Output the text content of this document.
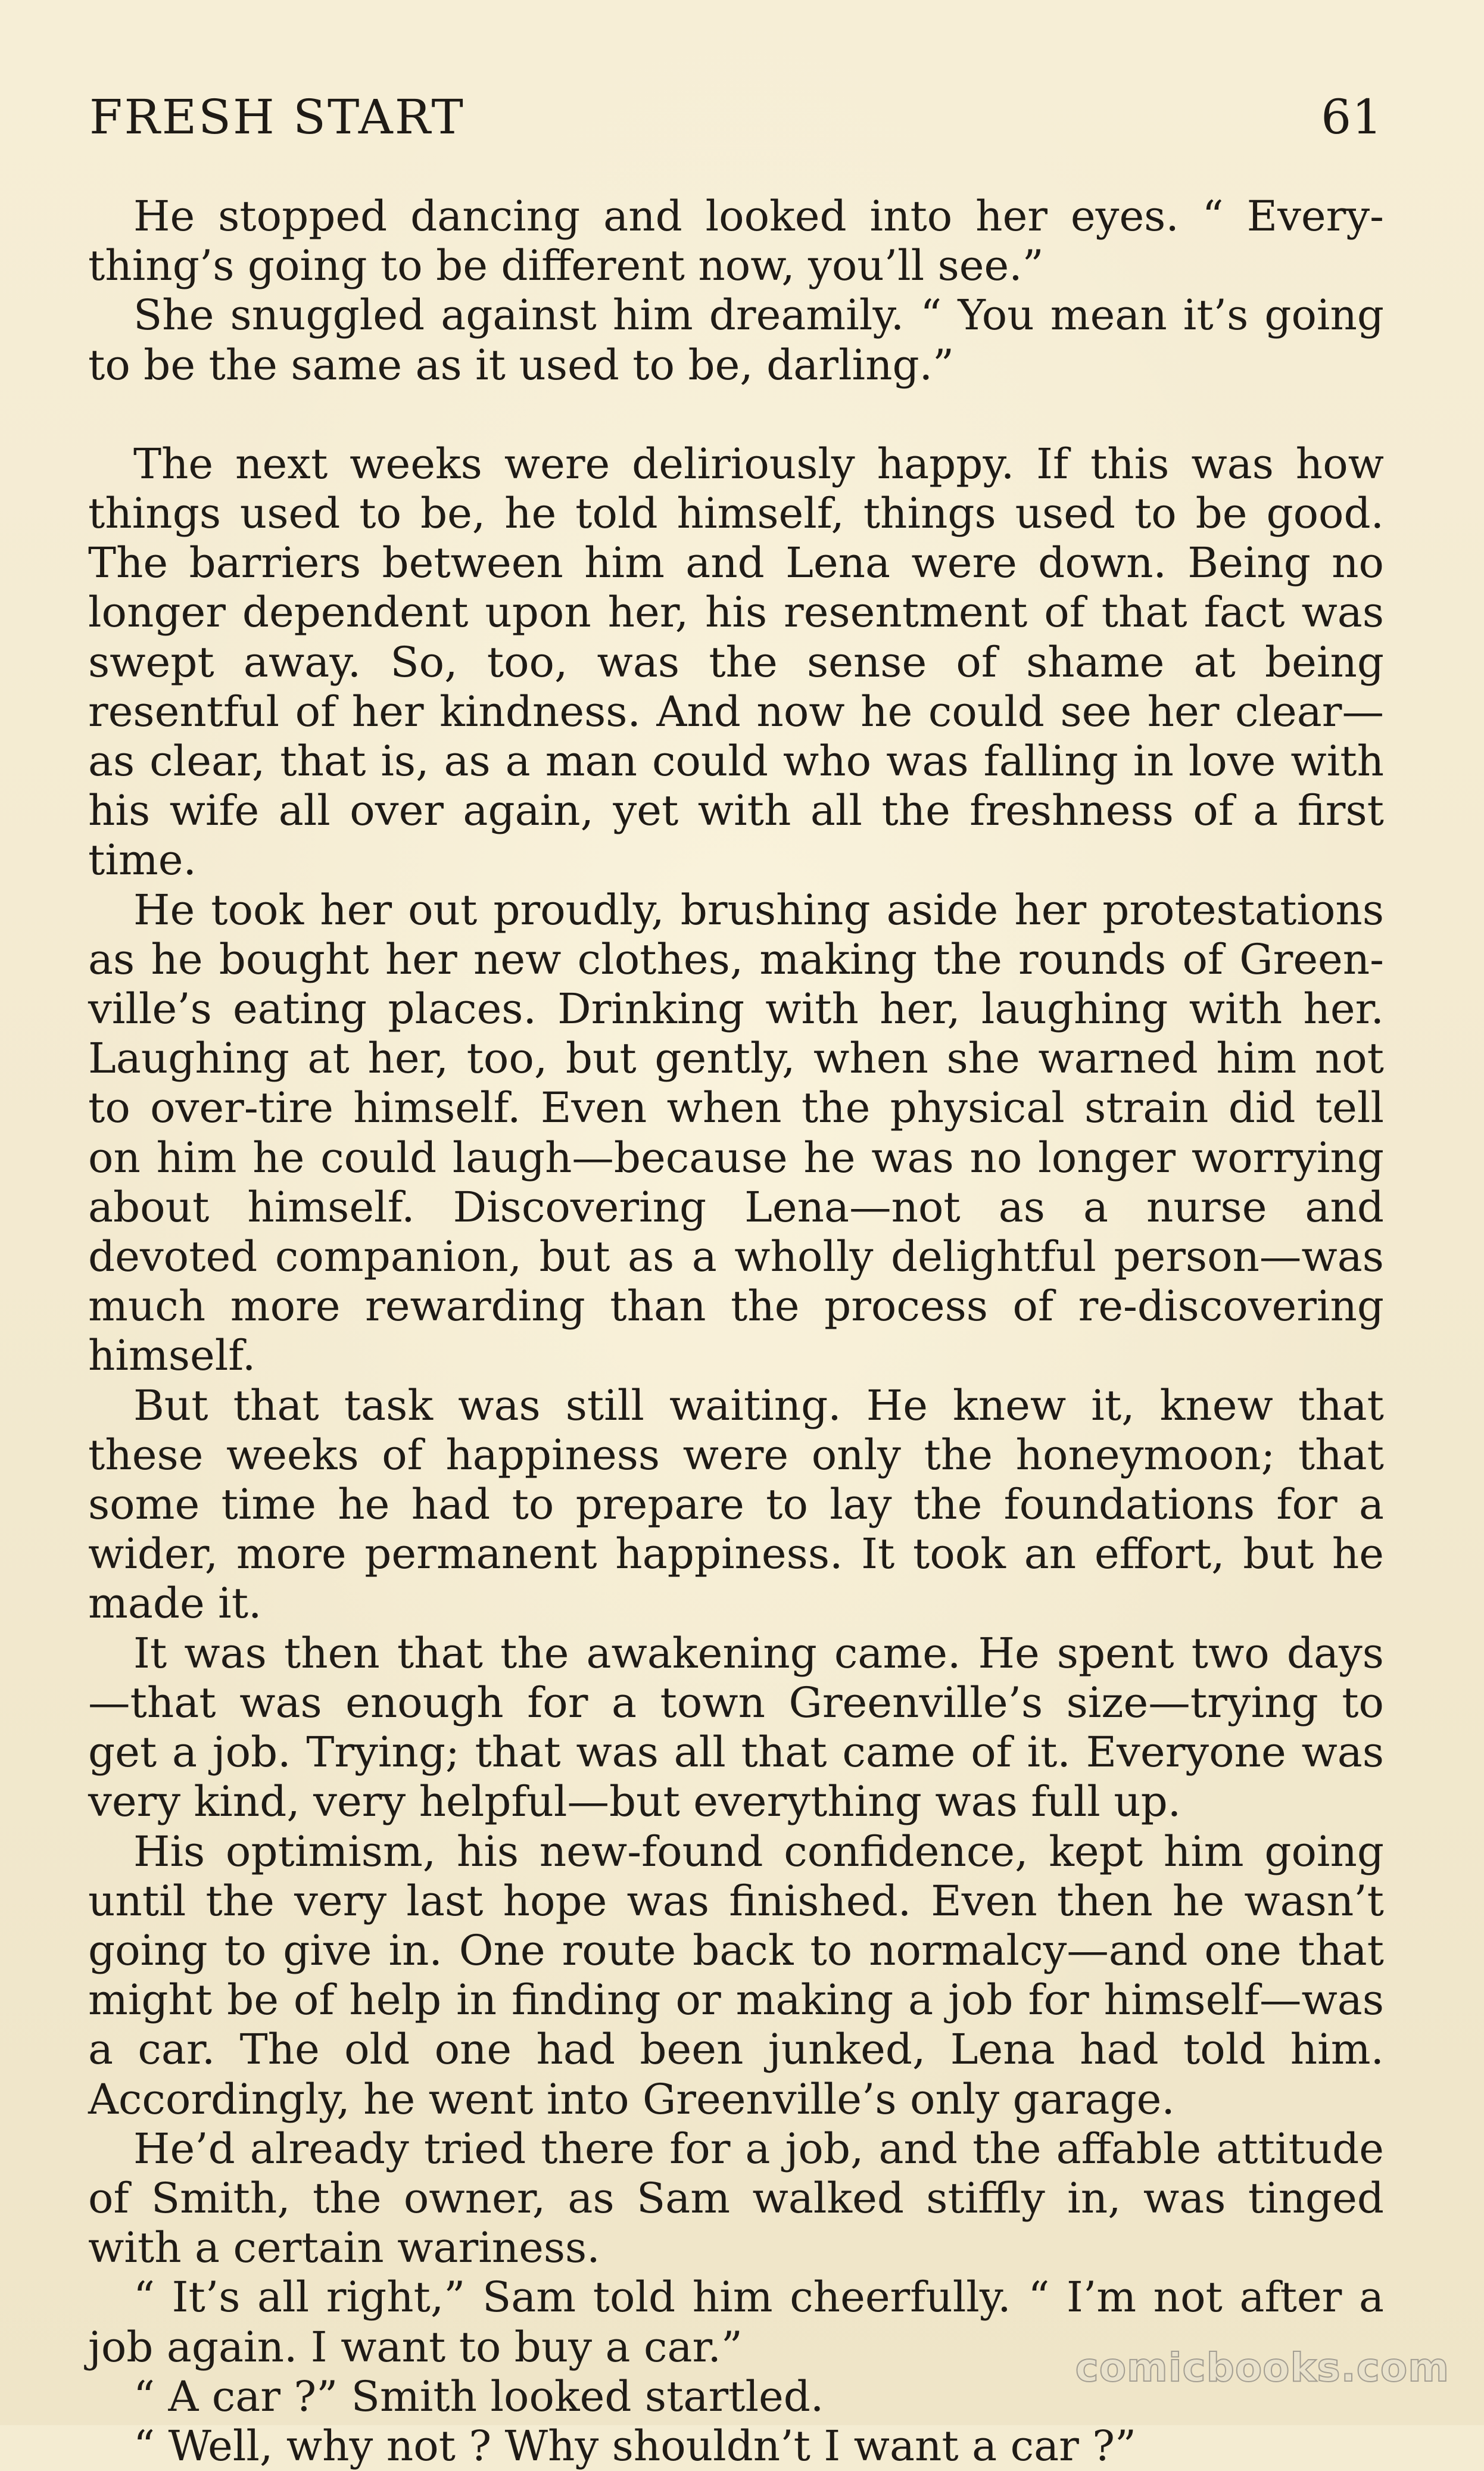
FRESH START	61

He stopped dancing and looked into her eyes. “ Every-thing’s going to be different now, you’ll see.”

She snuggled against him dreamily. “ You mean it’s going to be the same as it used to be, darling.”

The next weeks were deliriously happy. If this was how things used to be, he told himself, things used to be good. The barriers between him and Lena were down. Being no longer dependent upon her, his resentment of that fact was swept away. So, too, was the sense of shame at being resentful of her kindness. And now he could see her clear—as clear, that is, as a man could who was falling in love with his wife all over again, yet with all the freshness of a first time.

He took her out proudly, brushing aside her protestations as he bought her new clothes, making the rounds of Green-ville’s eating places. Drinking with her, laughing with her. Laughing at her, too, but gently, when she warned him not to over-tire himself. Even when the physical strain did tell on him he could laugh—because he was no longer worrying about himself. Discovering Lena—not as a nurse and devoted companion, but as a wholly delightful person—was much more rewarding than the process of re-discovering himself.

But that task was still waiting. He knew it, knew that these weeks of happiness were only the honeymoon; that some time he had to prepare to lay the foundations for a wider, more permanent happiness. It took an effort, but he made it.

It was then that the awakening came. He spent two days—that was enough for a town Greenville’s size—trying to get a job. Trying; that was all that came of it. Everyone was very kind, very helpful—but everything was full up.

His optimism, his new-found confidence, kept him going until the very last hope was finished. Even then he wasn’t going to give in. One route back to normalcy—and one that might be of help in finding or making a job for himself—was a car. The old one had been junked, Lena had told him. Accordingly, he went into Greenville’s only garage.

He’d already tried there for a job, and the affable attitude of Smith, the owner, as Sam walked stiffly in, was tinged with a certain wariness.

“ It’s all right,” Sam told him cheerfully. “ I’m not after a job again. I want to buy a car.”

“ A car ?” Smith looked startled.

“ Well, why not ? Why shouldn’t I want a car ?”

comicbooks.com
